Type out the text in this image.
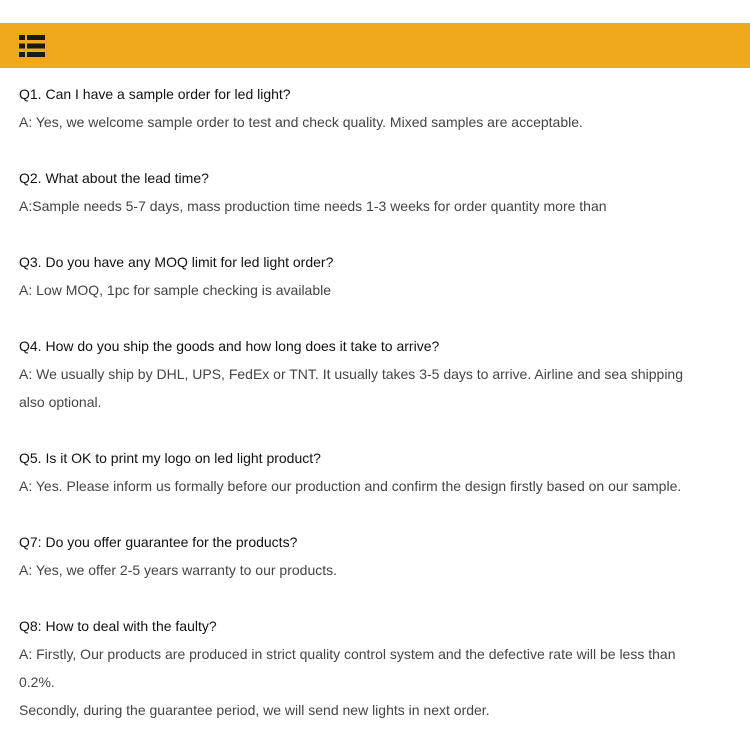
Q1. Can I have a sample order for led light?
A: Yes, we welcome sample order to test and check quality. Mixed samples are acceptable.
Q2. What about the lead time?
A:Sample needs 5-7 days, mass production time needs 1-3 weeks for order quantity more than
Q3. Do you have any MOQ limit for led light order?
A: Low MOQ, 1pc for sample checking is available
Q4. How do you ship the goods and how long does it take to arrive?
A: We usually ship by DHL, UPS, FedEx or TNT. It usually takes 3-5 days to arrive. Airline and sea shipping
also optional.
Q5. Is it OK to print my logo on led light product?
A: Yes. Please inform us formally before our production and confirm the design firstly based on our sample.
Q7: Do you offer guarantee for the products?
A: Yes, we offer 2-5 years warranty to our products.
Q8: How to deal with the faulty?
A: Firstly, Our products are produced in strict quality control system and the defective rate will be less than
0.2%.
Secondly, during the guarantee period, we will send new lights in next order.
